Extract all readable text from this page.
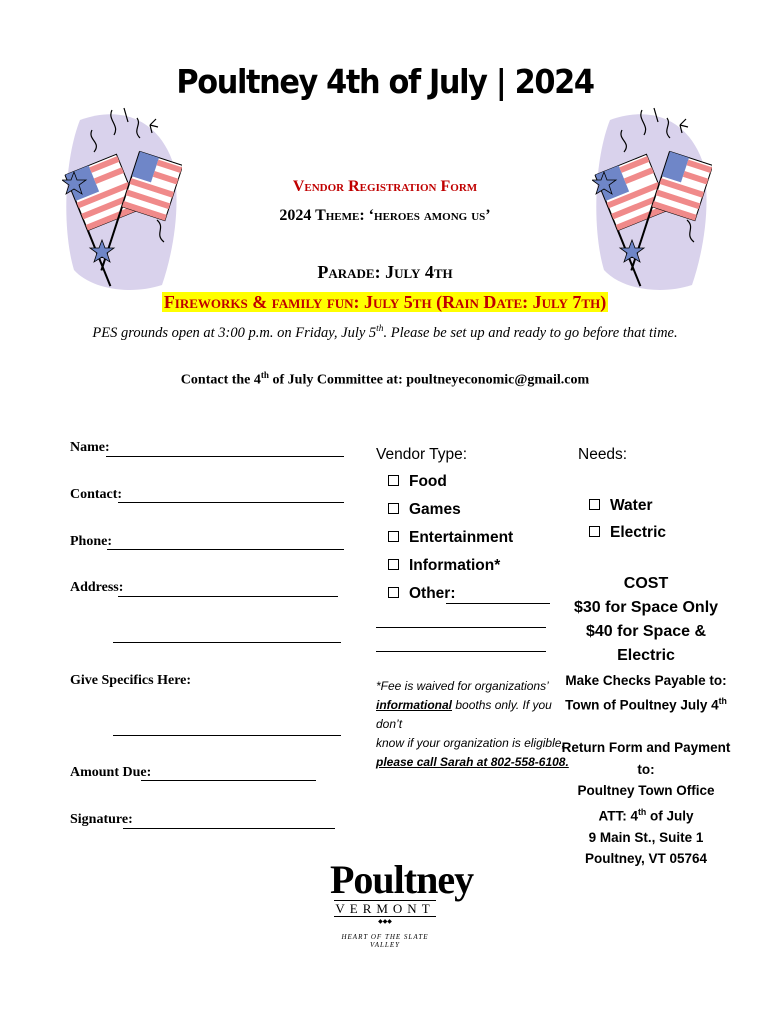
Poultney 4th of July | 2024
Vendor Registration Form
2024 Theme: ‘heroes among us’
Parade: July 4th
Fireworks & family fun: July 5th (Rain Date: July 7th)
PES grounds open at 3:00 p.m. on Friday, July 5th. Please be set up and ready to go before that time.
Contact the 4th of July Committee at: poultneyeconomic@gmail.com
Name:
Contact:
Phone:
Address:
Give Specifics Here:
Amount Due:
Signature:
Vendor Type:
Food
Games
Entertainment
Information*
Other:
*Fee is waived for organizations’
informational booths only. If you don’t
know if your organization is eligible,
please call Sarah at 802-558-6108.
Needs:
Water
Electric
COST
$30 for Space Only
$40 for Space & Electric
Make Checks Payable to:
Town of Poultney July 4th
Return Form and Payment to:
Poultney Town Office
ATT: 4th of July
9 Main St., Suite 1
Poultney, VT 05764
Poultney
VERMONT
◆◆◆
HEART OF THE SLATE VALLEY
